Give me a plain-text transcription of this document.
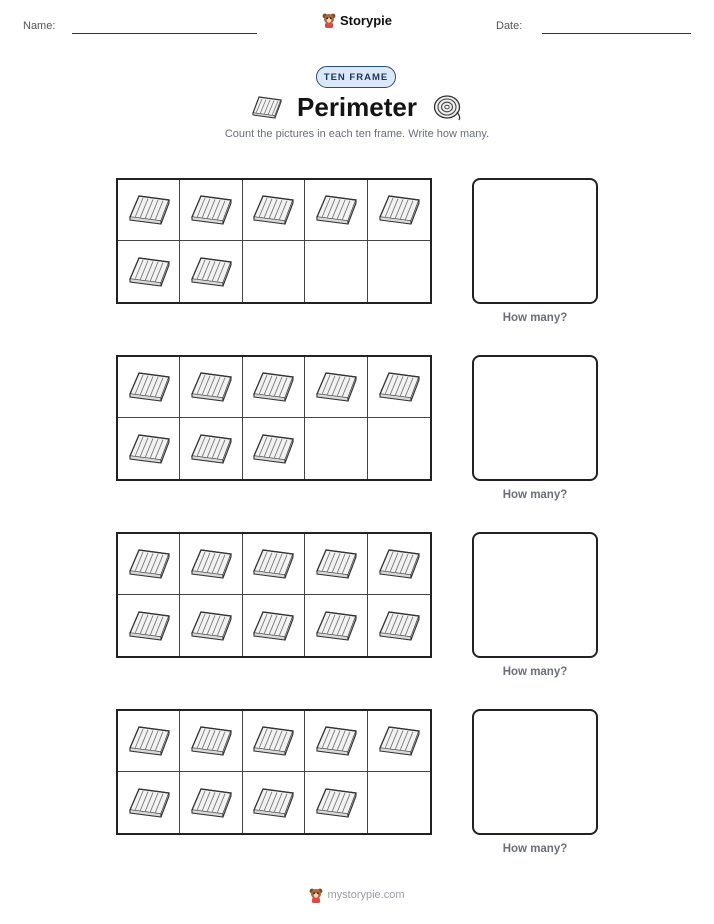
Name:	Storypie	Date:
TEN FRAME
Perimeter
Count the pictures in each ten frame. Write how many.
How many?
How many?
How many?
How many?
mystorypie.com
